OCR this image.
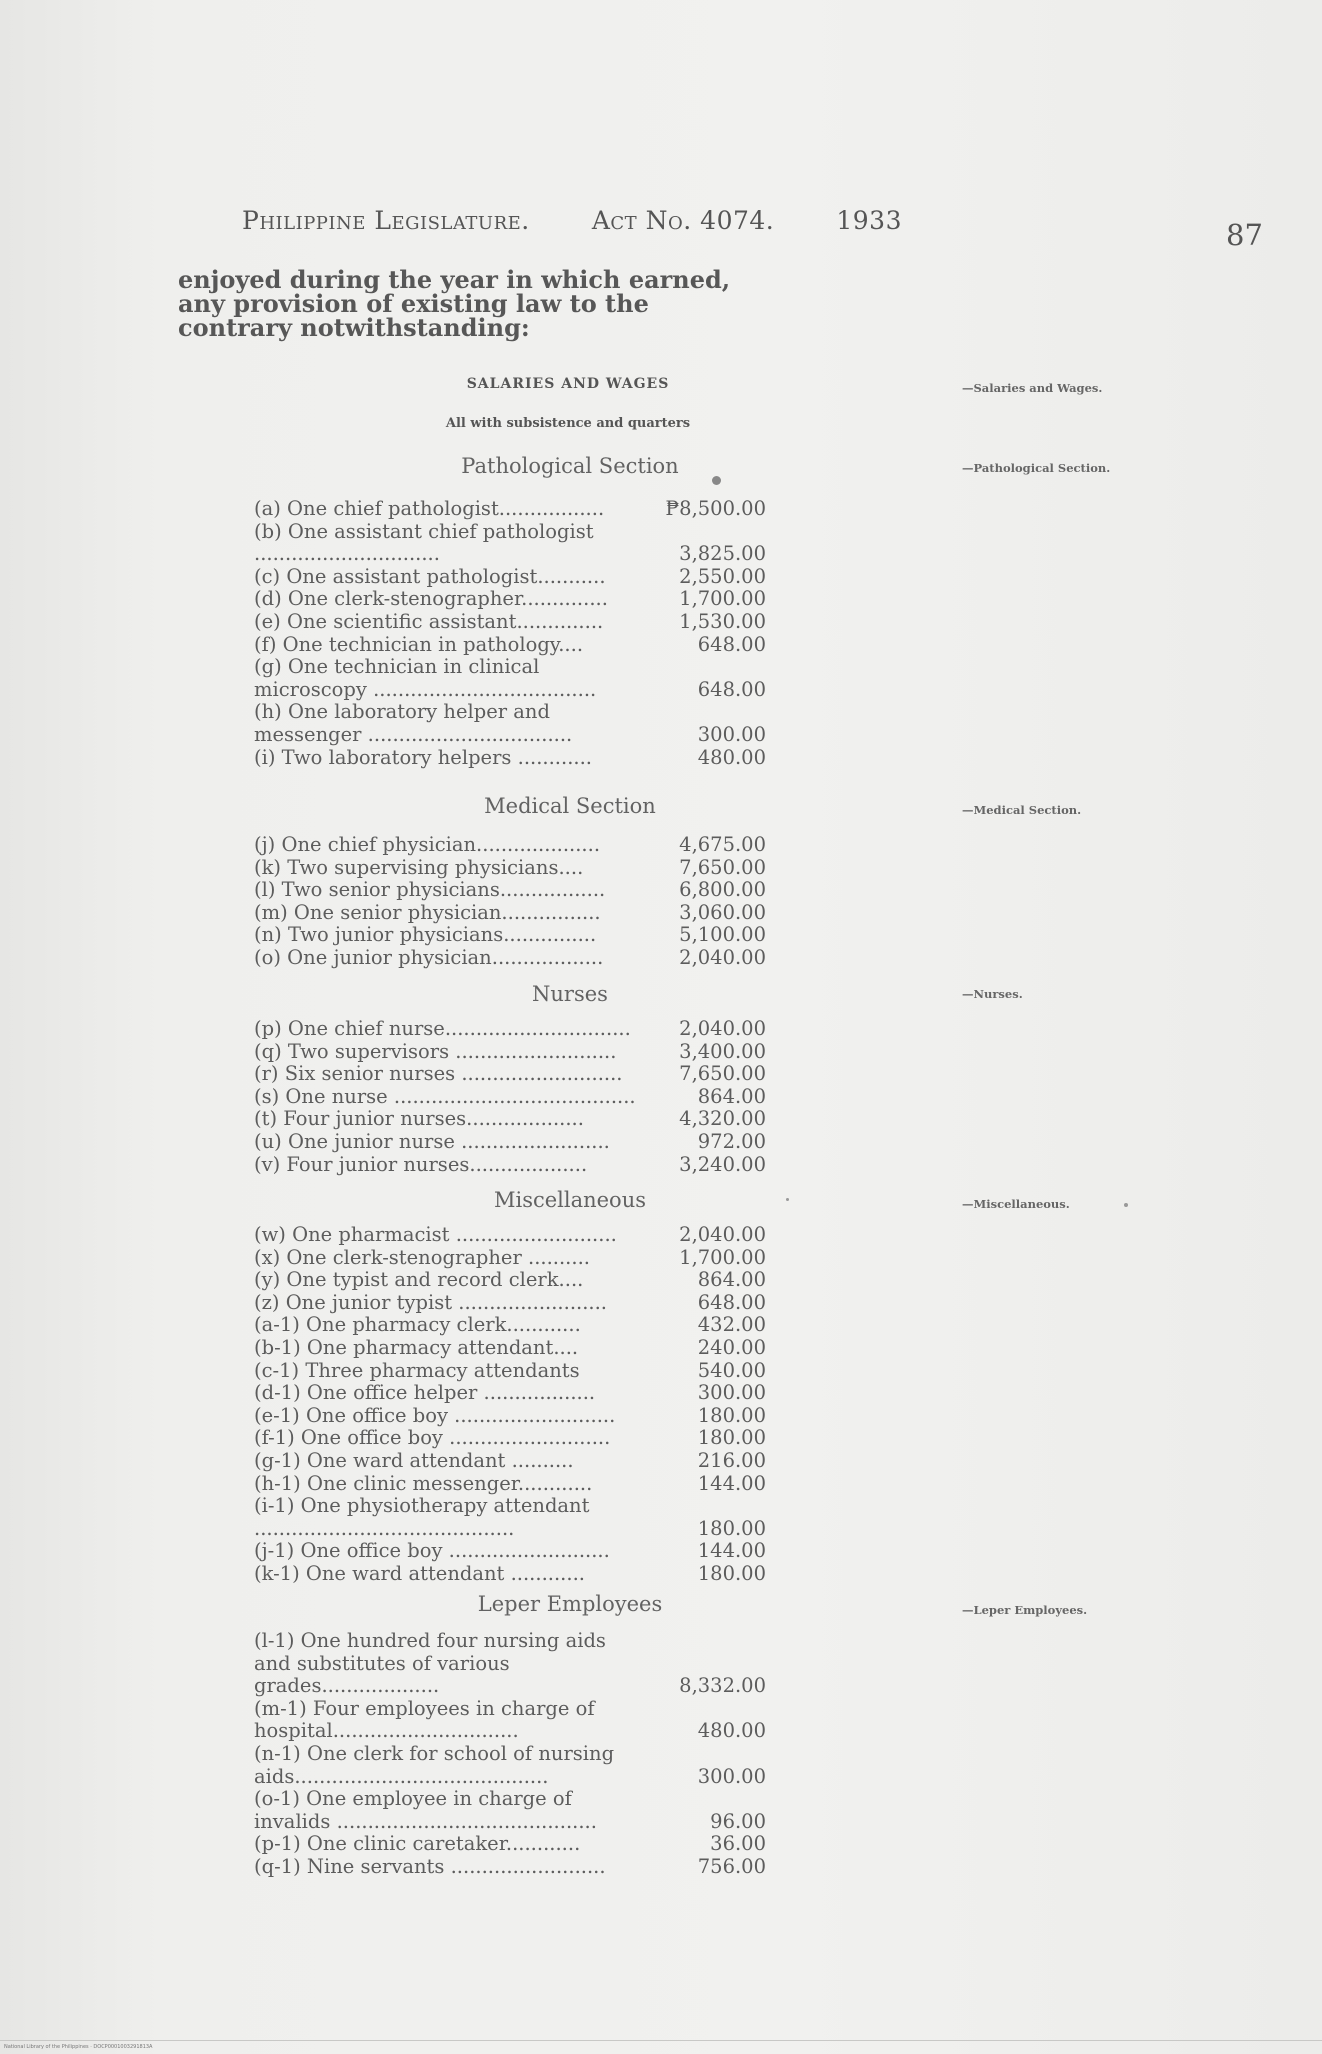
Philippine Legislature. Act No. 4074. 1933	87
enjoyed during the year in which earned, any provision of existing law to the contrary notwithstanding:
SALARIES AND WAGES	—Salaries and Wages.
All with subsistence and quarters
Pathological Section	—Pathological Section.
(a) One chief pathologist.................	₱8,500.00
(b) One assistant chief pathologist ..............................	3,825.00
(c) One assistant pathologist...........	2,550.00
(d) One clerk-stenographer..............	1,700.00
(e) One scientific assistant..............	1,530.00
(f) One technician in pathology....	648.00
(g) One technician in clinical microscopy ....................................	648.00
(h) One laboratory helper and messenger .................................	300.00
(i) Two laboratory helpers ............	480.00
Medical Section	—Medical Section.
(j) One chief physician....................	4,675.00
(k) Two supervising physicians....	7,650.00
(l) Two senior physicians.................	6,800.00
(m) One senior physician................	3,060.00
(n) Two junior physicians...............	5,100.00
(o) One junior physician..................	2,040.00
Nurses	—Nurses.
(p) One chief nurse..............................	2,040.00
(q) Two supervisors ..........................	3,400.00
(r) Six senior nurses ..........................	7,650.00
(s) One nurse .......................................	864.00
(t) Four junior nurses...................	4,320.00
(u) One junior nurse ........................	972.00
(v) Four junior nurses...................	3,240.00
Miscellaneous	—Miscellaneous.
(w) One pharmacist ..........................	2,040.00
(x) One clerk-stenographer ..........	1,700.00
(y) One typist and record clerk....	864.00
(z) One junior typist ........................	648.00
(a-1) One pharmacy clerk............	432.00
(b-1) One pharmacy attendant....	240.00
(c-1) Three pharmacy attendants	540.00
(d-1) One office helper ..................	300.00
(e-1) One office boy ..........................	180.00
(f-1) One office boy ..........................	180.00
(g-1) One ward attendant ..........	216.00
(h-1) One clinic messenger............	144.00
(i-1) One physiotherapy attendant ..........................................	180.00
(j-1) One office boy ..........................	144.00
(k-1) One ward attendant ............	180.00
Leper Employees	—Leper Employees.
(l-1) One hundred four nursing aids and substitutes of various grades...................	8,332.00
(m-1) Four employees in charge of hospital..............................	480.00
(n-1) One clerk for school of nursing aids.........................................	300.00
(o-1) One employee in charge of invalids ..........................................	96.00
(p-1) One clinic caretaker............	36.00
(q-1) Nine servants .........................	756.00
National Library of the Philippines · DOCP0001003291813A
